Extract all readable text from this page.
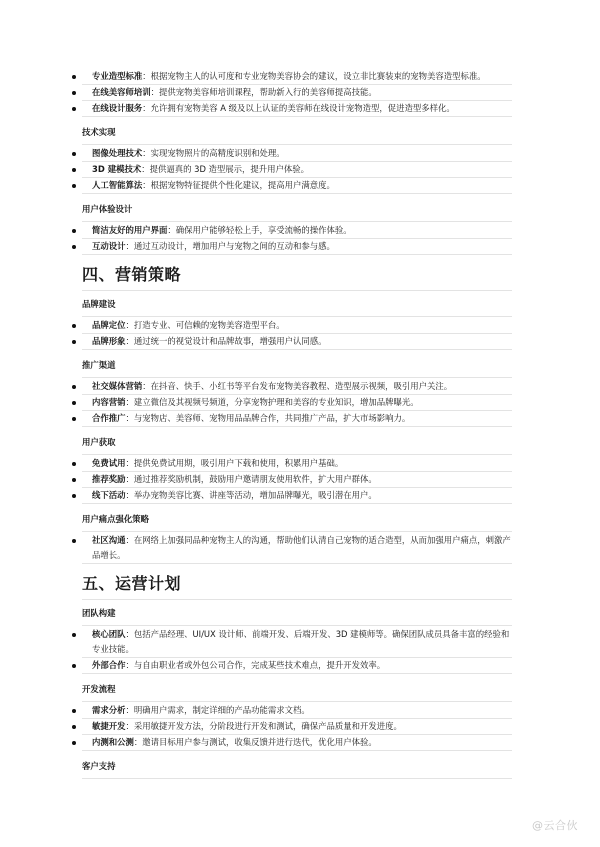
专业造型标准：根据宠物主人的认可度和专业宠物美容协会的建议，设立非比赛装束的宠物美容造型标准。
在线美容师培训：提供宠物美容师培训课程，帮助新入行的美容师提高技能。
在线设计服务：允许拥有宠物美容 A 级及以上认证的美容师在线设计宠物造型，促进造型多样化。
技术实现
图像处理技术：实现宠物照片的高精度识别和处理。
3D 建模技术：提供逼真的 3D 造型展示，提升用户体验。
人工智能算法：根据宠物特征提供个性化建议，提高用户满意度。
用户体验设计
简洁友好的用户界面：确保用户能够轻松上手，享受流畅的操作体验。
互动设计：通过互动设计，增加用户与宠物之间的互动和参与感。
四、营销策略
品牌建设
品牌定位：打造专业、可信赖的宠物美容造型平台。
品牌形象：通过统一的视觉设计和品牌故事，增强用户认同感。
推广渠道
社交媒体营销：在抖音、快手、小红书等平台发布宠物美容教程、造型展示视频，吸引用户关注。
内容营销：建立微信及其视频号频道，分享宠物护理和美容的专业知识，增加品牌曝光。
合作推广：与宠物店、美容师、宠物用品品牌合作，共同推广产品，扩大市场影响力。
用户获取
免费试用：提供免费试用期，吸引用户下载和使用，积累用户基础。
推荐奖励：通过推荐奖励机制，鼓励用户邀请朋友使用软件，扩大用户群体。
线下活动：举办宠物美容比赛、讲座等活动，增加品牌曝光，吸引潜在用户。
用户痛点强化策略
社区沟通：在网络上加强同品种宠物主人的沟通，帮助他们认清自己宠物的适合造型，从而加强用户痛点，刺激产品增长。
五、运营计划
团队构建
核心团队：包括产品经理、UI/UX 设计师、前端开发、后端开发、3D 建模师等。确保团队成员具备丰富的经验和专业技能。
外部合作：与自由职业者或外包公司合作，完成某些技术难点，提升开发效率。
开发流程
需求分析：明确用户需求，制定详细的产品功能需求文档。
敏捷开发：采用敏捷开发方法，分阶段进行开发和测试，确保产品质量和开发进度。
内测和公测：邀请目标用户参与测试，收集反馈并进行迭代，优化用户体验。
客户支持
@云合伙
